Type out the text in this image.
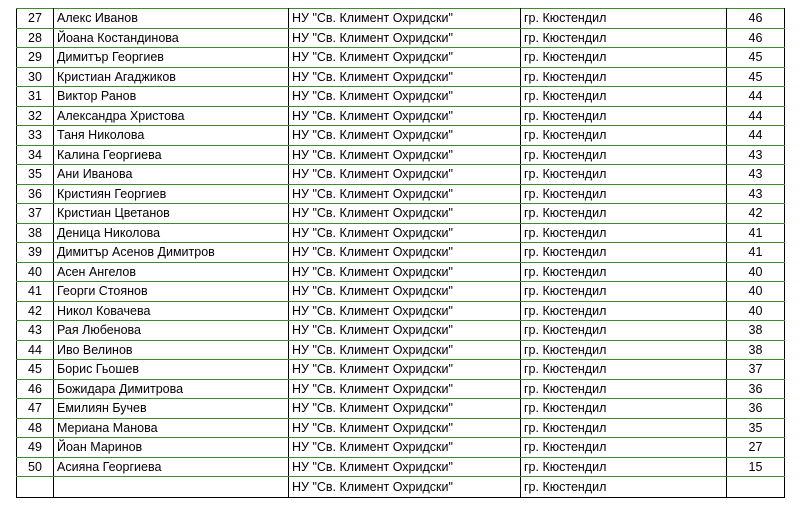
27	Алекс Иванов	НУ "Св. Климент Охридски"	гр. Кюстендил	46
28	Йоана Костандинова	НУ "Св. Климент Охридски"	гр. Кюстендил	46
29	Димитър Георгиев	НУ "Св. Климент Охридски"	гр. Кюстендил	45
30	Кристиан Агаджиков	НУ "Св. Климент Охридски"	гр. Кюстендил	45
31	Виктор Ранов	НУ "Св. Климент Охридски"	гр. Кюстендил	44
32	Александра Христова	НУ "Св. Климент Охридски"	гр. Кюстендил	44
33	Таня Николова	НУ "Св. Климент Охридски"	гр. Кюстендил	44
34	Калина Георгиева	НУ "Св. Климент Охридски"	гр. Кюстендил	43
35	Ани Иванова	НУ "Св. Климент Охридски"	гр. Кюстендил	43
36	Кристиян Георгиев	НУ "Св. Климент Охридски"	гр. Кюстендил	43
37	Кристиан Цветанов	НУ "Св. Климент Охридски"	гр. Кюстендил	42
38	Деница Николова	НУ "Св. Климент Охридски"	гр. Кюстендил	41
39	Димитър Асенов Димитров	НУ "Св. Климент Охридски"	гр. Кюстендил	41
40	Асен Ангелов	НУ "Св. Климент Охридски"	гр. Кюстендил	40
41	Георги Стоянов	НУ "Св. Климент Охридски"	гр. Кюстендил	40
42	Никол Ковачева	НУ "Св. Климент Охридски"	гр. Кюстендил	40
43	Рая Любенова	НУ "Св. Климент Охридски"	гр. Кюстендил	38
44	Иво Велинов	НУ "Св. Климент Охридски"	гр. Кюстендил	38
45	Борис Гьошев	НУ "Св. Климент Охридски"	гр. Кюстендил	37
46	Божидара Димитрова	НУ "Св. Климент Охридски"	гр. Кюстендил	36
47	Емилиян Бучев	НУ "Св. Климент Охридски"	гр. Кюстендил	36
48	Мериана Манова	НУ "Св. Климент Охридски"	гр. Кюстендил	35
49	Йоан Маринов	НУ "Св. Климент Охридски"	гр. Кюстендил	27
50	Асияна Георгиева	НУ "Св. Климент Охридски"	гр. Кюстендил	15
		НУ "Св. Климент Охридски"	гр. Кюстендил	
